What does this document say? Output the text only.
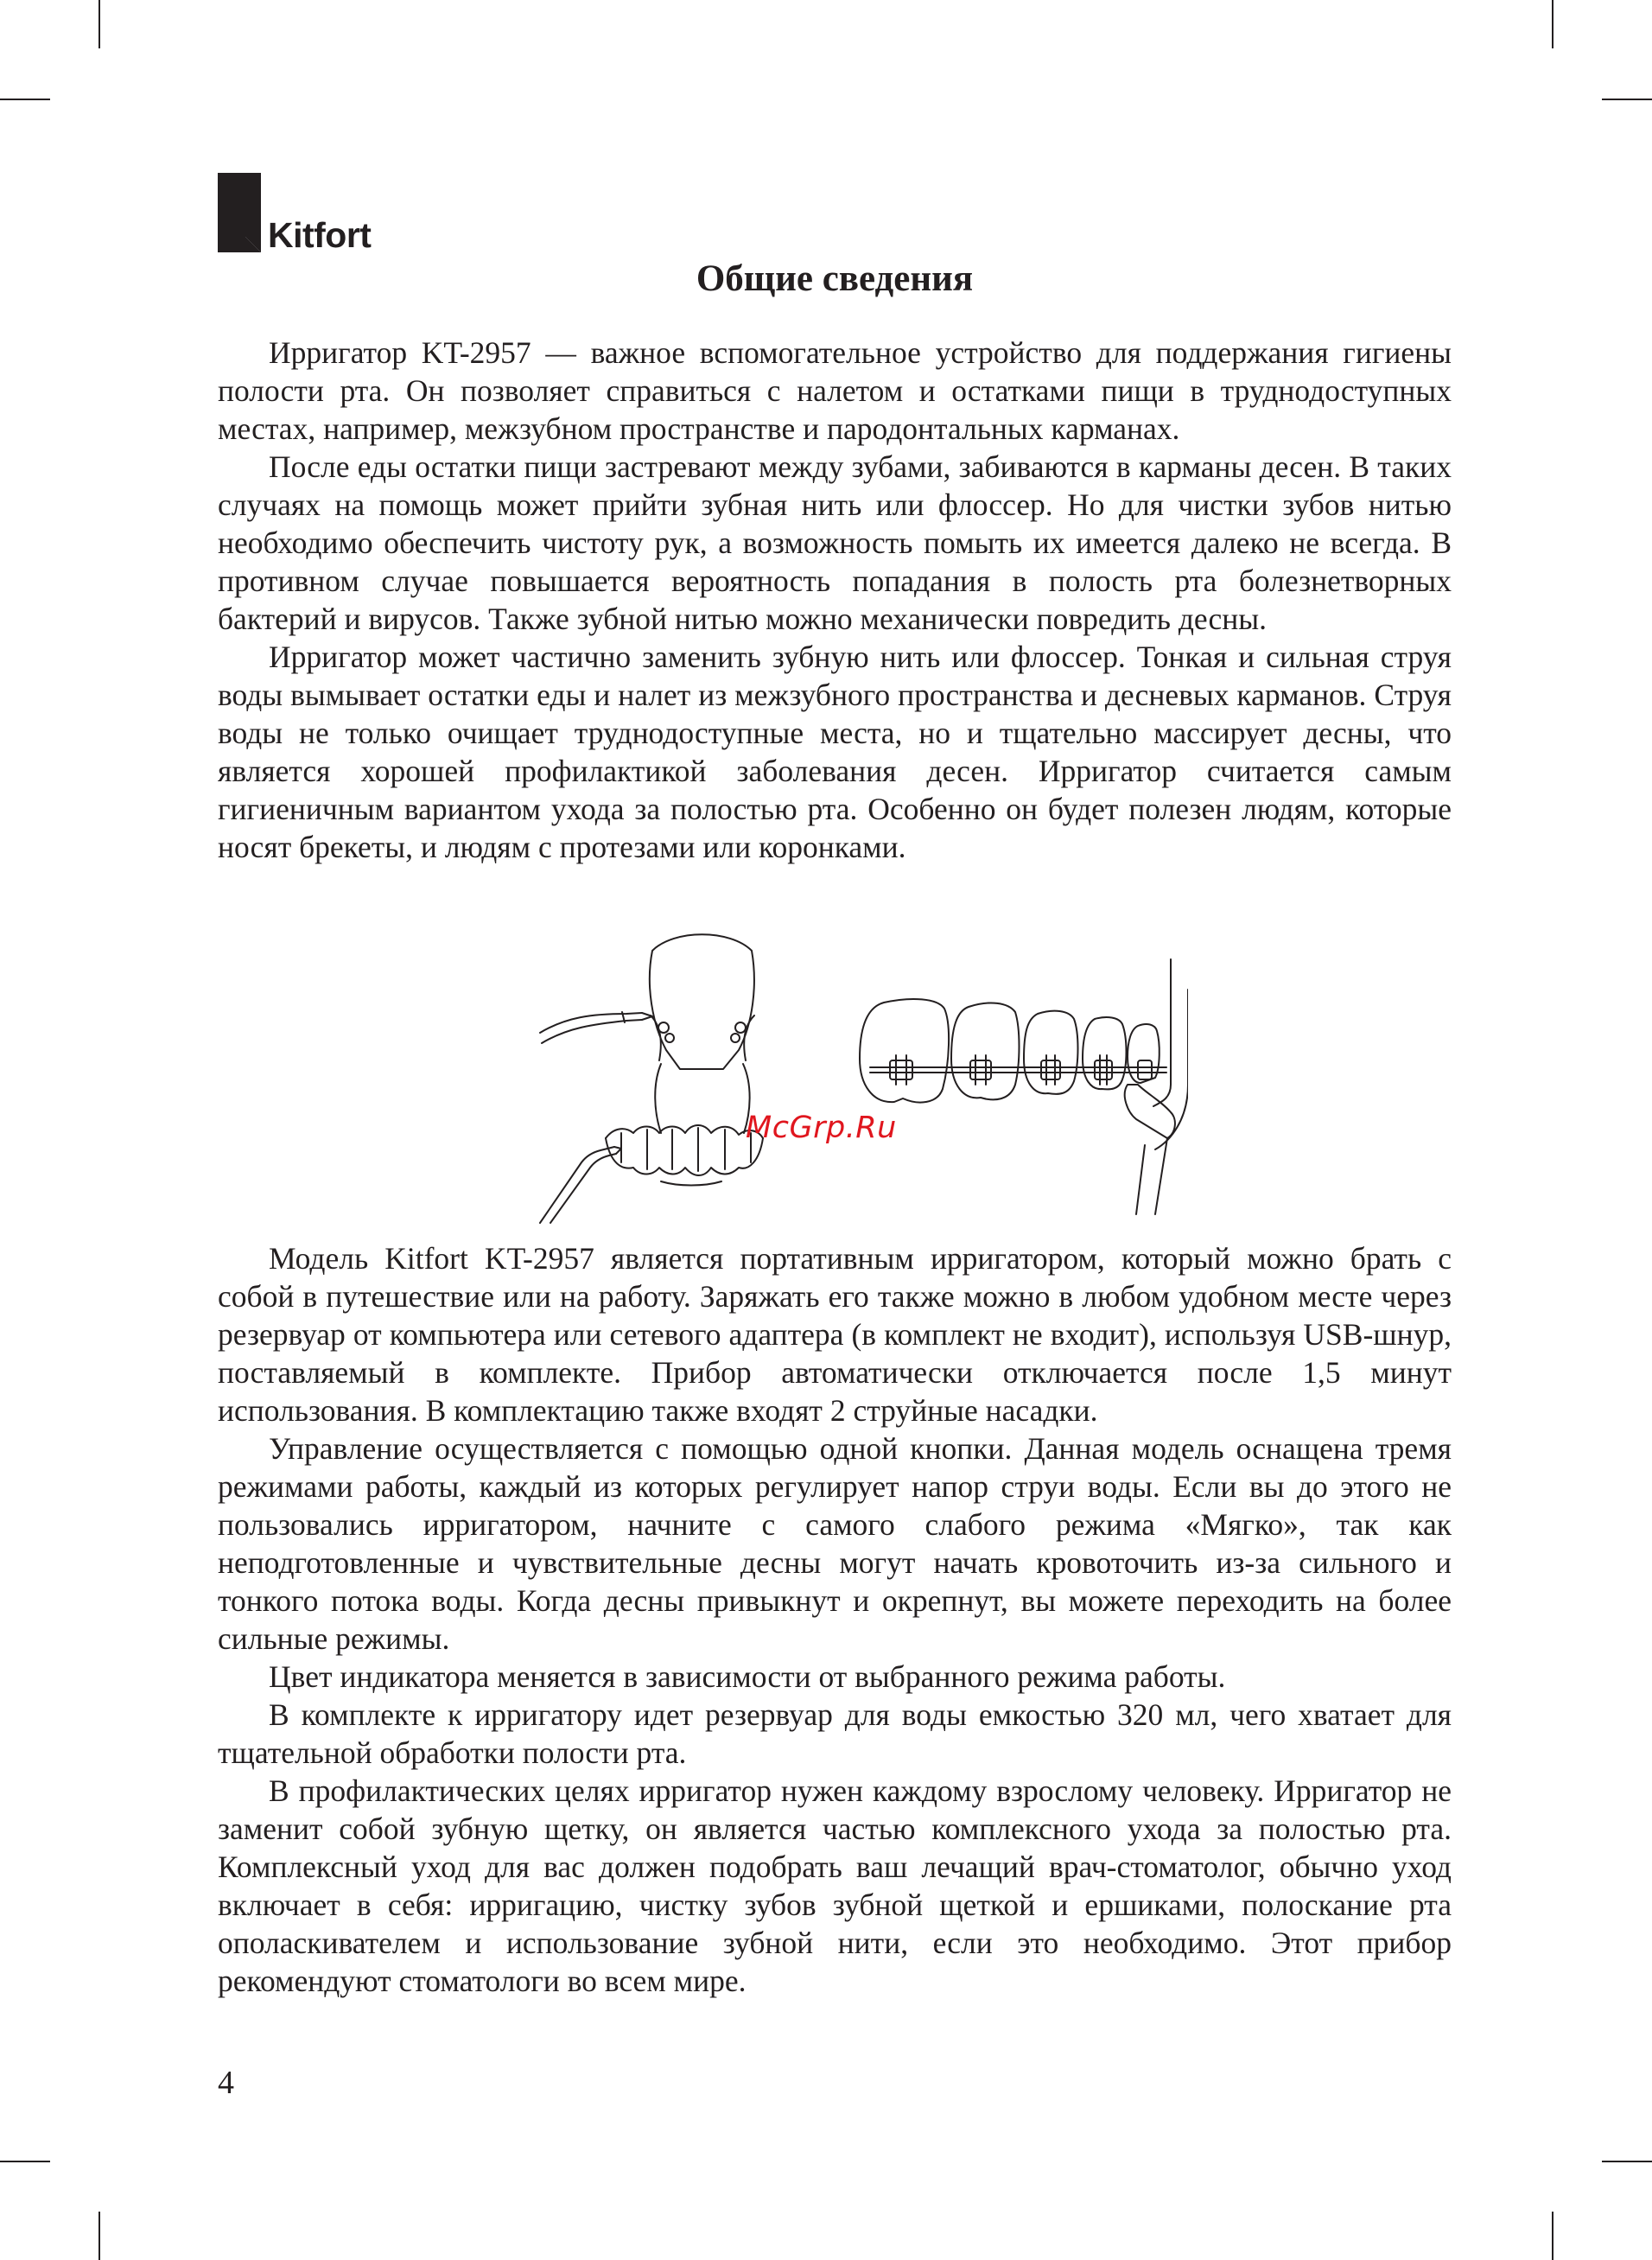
Kitfort
Общие сведения

Ирригатор KT-2957 — важное вспомогательное устройство для поддержания гигиены полости рта. Он позволяет справиться с налетом и остатками пищи в труднодоступных местах, например, межзубном пространстве и пародонтальных карманах.

После еды остатки пищи застревают между зубами, забиваются в карманы десен. В таких случаях на помощь может прийти зубная нить или флоссер. Но для чистки зубов нитью необходимо обеспечить чистоту рук, а возможность помыть их имеется далеко не всегда. В противном случае повышается вероятность попадания в полость рта болезнетворных бактерий и вирусов. Также зубной нитью можно механически повредить десны.

Ирригатор может частично заменить зубную нить или флоссер. Тонкая и сильная струя воды вымывает остатки еды и налет из межзубного пространства и десневых карманов. Струя воды не только очищает труднодоступные места, но и тщательно массирует десны, что является хорошей профилактикой заболевания десен. Ирригатор считается самым гигиеничным вариантом ухода за полостью рта. Особенно он будет полезен людям, которые носят брекеты, и людям с протезами или коронками.

McGrp.Ru

Модель Kitfort KT-2957 является портативным ирригатором, который можно брать с собой в путешествие или на работу. Заряжать его также можно в любом удобном месте через резервуар от компьютера или сетевого адаптера (в комплект не входит), используя USB-шнур, поставляемый в комплекте. Прибор автоматически отключается после 1,5 минут использования. В комплектацию также входят 2 струйные насадки.

Управление осуществляется с помощью одной кнопки. Данная модель оснащена тремя режимами работы, каждый из которых регулирует напор струи воды. Если вы до этого не пользовались ирригатором, начните с самого слабого режима «Мягко», так как неподготовленные и чувствительные десны могут начать кровоточить из-за сильного и тонкого потока воды. Когда десны привыкнут и окрепнут, вы можете переходить на более сильные режимы.

Цвет индикатора меняется в зависимости от выбранного режима работы.

В комплекте к ирригатору идет резервуар для воды емкостью 320 мл, чего хватает для тщательной обработки полости рта.

В профилактических целях ирригатор нужен каждому взрослому человеку. Ирригатор не заменит собой зубную щетку, он является частью комплексного ухода за полостью рта. Комплексный уход для вас должен подобрать ваш лечащий врач-стоматолог, обычно уход включает в себя: ирригацию, чистку зубов зубной щеткой и ершиками, полоскание рта ополаскивателем и использование зубной нити, если это необходимо. Этот прибор рекомендуют стоматологи во всем мире.

4
